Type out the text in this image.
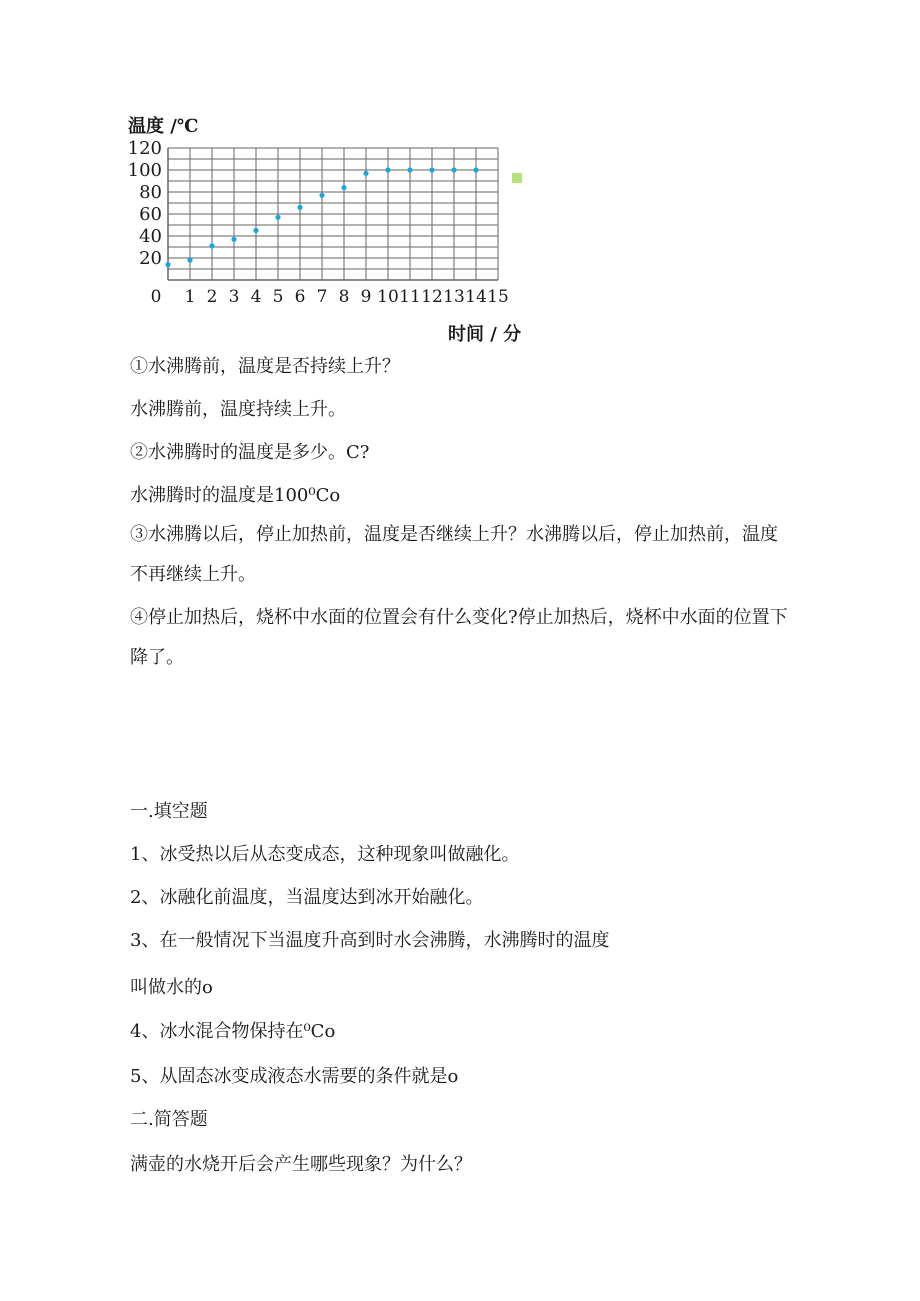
温度 /℃
120
100
80
60
40
20
0 1 2 3 4 5 6 7 8 9 10 11 12 13 14 15
时间 / 分
①水沸腾前，温度是否持续上升？
水沸腾前，温度持续上升。
②水沸腾时的温度是多少。C?
水沸腾时的温度是100⁰Co
③水沸腾以后，停止加热前，温度是否继续上升？水沸腾以后，停止加热前，温度不再继续上升。
④停止加热后，烧杯中水面的位置会有什么变化?停止加热后，烧杯中水面的位置下降了。
一.填空题
1、冰受热以后从态变成态，这种现象叫做融化。
2、冰融化前温度，当温度达到冰开始融化。
3、在一般情况下当温度升高到时水会沸腾，水沸腾时的温度
叫做水的o
4、冰水混合物保持在⁰Co
5、从固态冰变成液态水需要的条件就是o
二.简答题
满壶的水烧开后会产生哪些现象？为什么？
